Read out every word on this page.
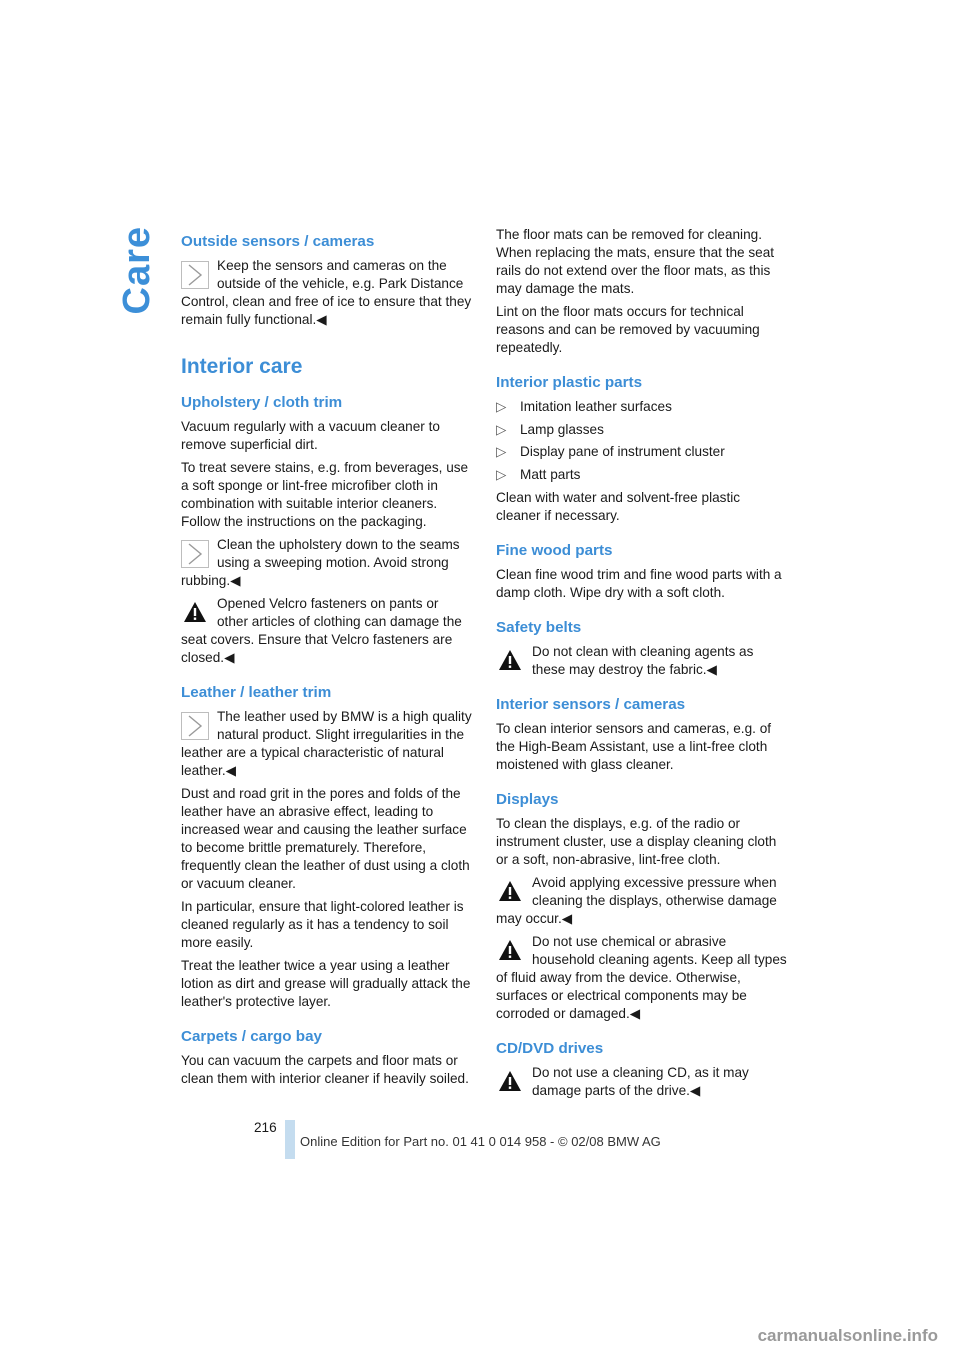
Care Outside sensors / cameras
Keep the sensors and cameras on the outside of the vehicle, e.g. Park Distance Control, clean and free of ice to ensure that they remain fully functional.◀
Interior care
Upholstery / cloth trim

Vacuum regularly with a vacuum cleaner to remove superficial dirt.

To treat severe stains, e.g. from beverages, use a soft sponge or lint-free microfiber cloth in combination with suitable interior cleaners. Follow the instructions on the packaging.

Clean the upholstery down to the seams using a sweeping motion. Avoid strong rubbing.◀
Opened Velcro fasteners on pants or other articles of clothing can damage the seat covers. Ensure that Velcro fasteners are closed.◀
Leather / leather trim
The leather used by BMW is a high quality natural product. Slight irregularities in the leather are a typical characteristic of natural leather.◀

Dust and road grit in the pores and folds of the leather have an abrasive effect, leading to increased wear and causing the leather surface to become brittle prematurely. Therefore, frequently clean the leather of dust using a cloth or vacuum cleaner.

In particular, ensure that light-colored leather is cleaned regularly as it has a tendency to soil more easily.

Treat the leather twice a year using a leather lotion as dirt and grease will gradually attack the leather's protective layer.

Carpets / cargo bay

You can vacuum the carpets and floor mats or clean them with interior cleaner if heavily soiled.

The floor mats can be removed for cleaning. When replacing the mats, ensure that the seat rails do not extend over the floor mats, as this may damage the mats.

Lint on the floor mats occurs for technical reasons and can be removed by vacuuming repeatedly.

Interior plastic parts
▷ Imitation leather surfaces
▷ Lamp glasses
▷ Display pane of instrument cluster
▷ Matt parts

Clean with water and solvent-free plastic cleaner if necessary.

Fine wood parts

Clean fine wood trim and fine wood parts with a damp cloth. Wipe dry with a soft cloth.

Safety belts
Do not clean with cleaning agents as these may destroy the fabric.◀
Interior sensors / cameras

To clean interior sensors and cameras, e.g. of the High-Beam Assistant, use a lint-free cloth moistened with glass cleaner.

Displays

To clean the displays, e.g. of the radio or instrument cluster, use a display cleaning cloth or a soft, non-abrasive, lint-free cloth.

Avoid applying excessive pressure when cleaning the displays, otherwise damage may occur.◀
Do not use chemical or abrasive household cleaning agents. Keep all types of fluid away from the device. Otherwise, surfaces or electrical components may be corroded or damaged.◀
CD/DVD drives
Do not use a cleaning CD, as it may damage parts of the drive.◀
216
Online Edition for Part no. 01 41 0 014 958 - © 02/08 BMW AG
carmanualsonline.info
